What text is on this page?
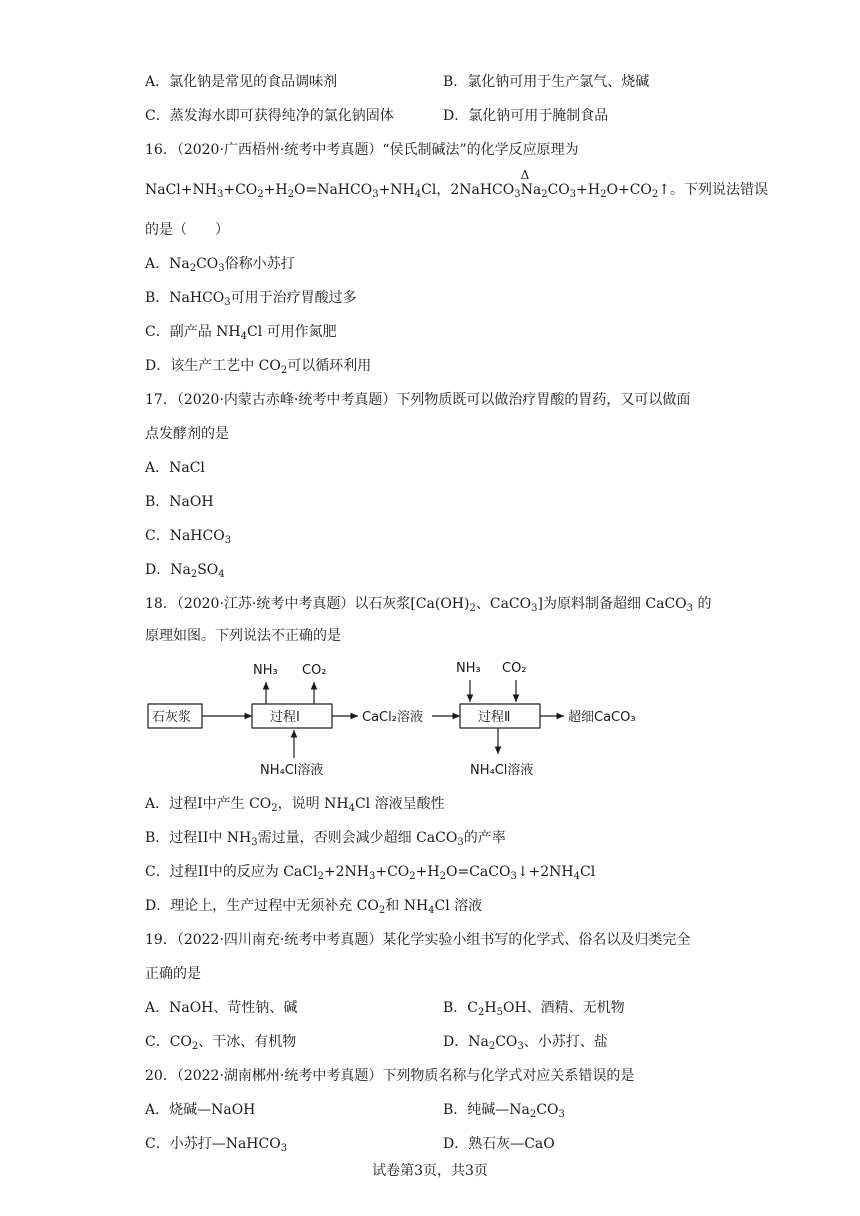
A．氯化钠是常见的食品调味剂	B．氯化钠可用于生产氯气、烧碱
C．蒸发海水即可获得纯净的氯化钠固体	D．氯化钠可用于腌制食品
16．（2020·广西梧州·统考中考真题）“侯氏制碱法”的化学反应原理为
$NaCl+NH_3+CO_2+H_2O=NaHCO_3+NH_4Cl$，2NaHCO$_3$
Δ
$Na_2CO_3+H_2O+CO_2↑$。下列说法错误
的是（　　）
A．$Na_2CO_3$俗称小苏打
B．NaHCO$_3$可用于治疗胃酸过多
C．副产品 $NH_4Cl$ 可用作氮肥
D．该生产工艺中 $CO_2$可以循环利用
17．（2020·内蒙古赤峰·统考中考真题）下列物质既可以做治疗胃酸的胃药，又可以做面
点发酵剂的是
A．NaCl
B．NaOH
C．NaHCO$_3$
D．$Na_2SO_4$
18．（2020·江苏·统考中考真题）以石灰浆[$Ca(OH)_2$、CaCO$_3$]为原料制备超细 CaCO$_3$ 的
原理如图。下列说法不正确的是
石灰浆	过程Ⅰ
NH₃ CO₂
NH₄Cl溶液
CaCl₂溶液	过程Ⅱ
NH₃ CO₂
NH₄Cl溶液
超细CaCO₃
A．过程I中产生 $CO_2$，说明 $NH_4Cl$ 溶液呈酸性
B．过程II中 $NH_3$需过量，否则会减少超细 CaCO$_3$的产率
C．过程II中的反应为 $CaCl_2+2NH_3+CO_2+H_2O=CaCO_3↓+2NH_4Cl$
D．理论上，生产过程中无须补充 $CO_2$和 $NH_4Cl$ 溶液
19．（2022·四川南充·统考中考真题）某化学实验小组书写的化学式、俗名以及归类完全
正确的是
A．NaOH、苛性钠、碱	B．$C_2H_5OH$、酒精、无机物
C．$CO_2$、干冰、有机物	D．$Na_2CO_3$、小苏打、盐
20．（2022·湖南郴州·统考中考真题）下列物质名称与化学式对应关系错误的是
A．烧碱—NaOH	B．纯碱$—Na_2CO_3$
C．小苏打—NaHCO$_3$	D．熟石灰—CaO
试卷第3页，共3页
